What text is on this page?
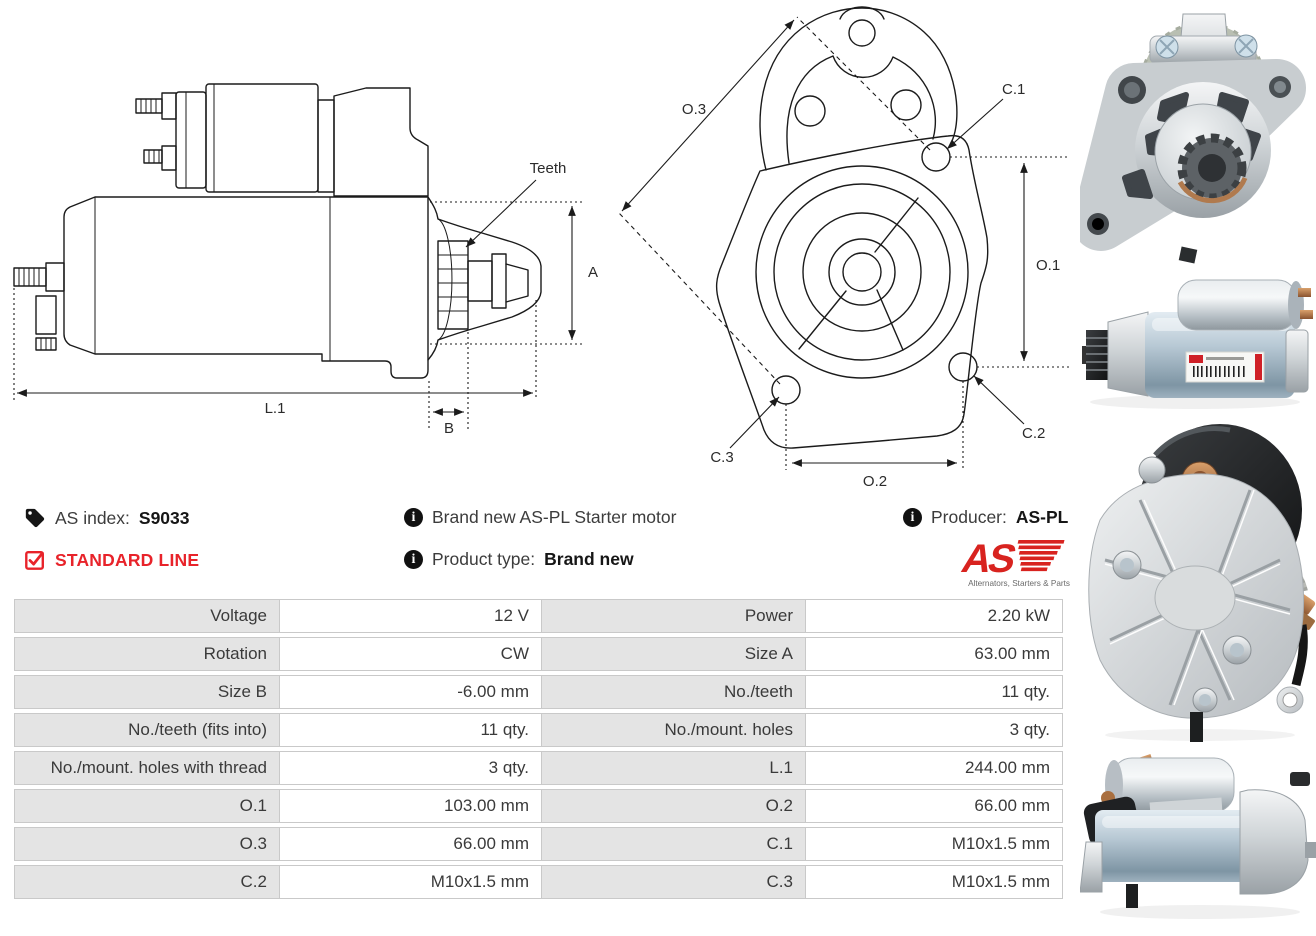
Teeth
A
L.1
B
O.3
C.1
O.1
C.2
C.3
O.2
AS index: S9033
STANDARD LINE
i Brand new AS-PL Starter motor
i Product type: Brand new
i Producer: AS-PL
AS
Alternators, Starters & Parts
Voltage	12 V	Power	2.20 kW
Rotation	CW	Size A	63.00 mm
Size B	-6.00 mm	No./teeth	11 qty.
No./teeth (fits into)	11 qty.	No./mount. holes	3 qty.
No./mount. holes with thread	3 qty.	L.1	244.00 mm
O.1	103.00 mm	O.2	66.00 mm
O.3	66.00 mm	C.1	M10x1.5 mm
C.2	M10x1.5 mm	C.3	M10x1.5 mm
